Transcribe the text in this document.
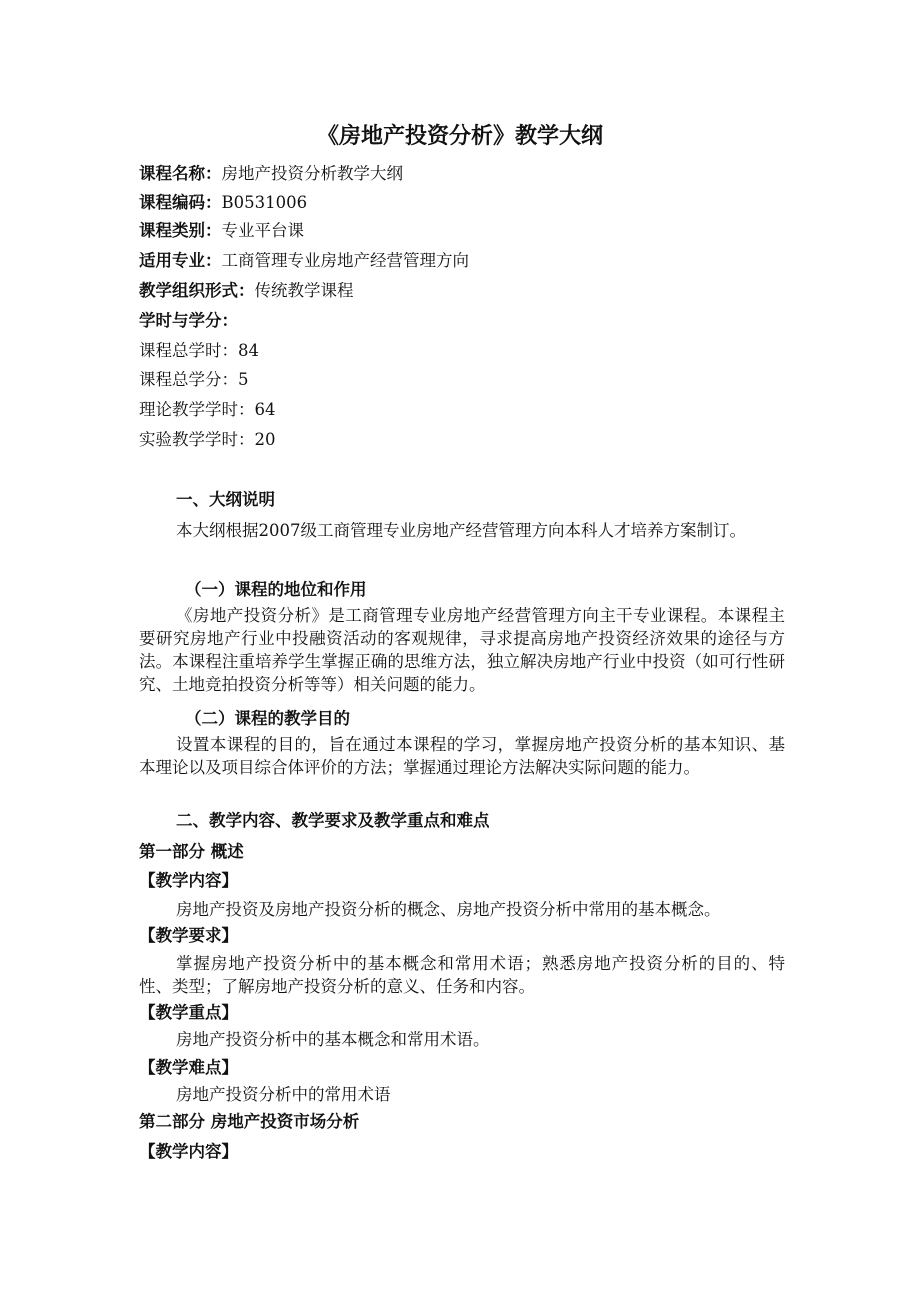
《房地产投资分析》教学大纲
课程名称：房地产投资分析教学大纲
课程编码：B0531006
课程类别：专业平台课
适用专业：工商管理专业房地产经营管理方向
教学组织形式：传统教学课程
学时与学分：
课程总学时：84
课程总学分：5
理论教学学时：64
实验教学学时：20
一、大纲说明
本大纲根据2007级工商管理专业房地产经营管理方向本科人才培养方案制订。
（一）课程的地位和作用
《房地产投资分析》是工商管理专业房地产经营管理方向主干专业课程。本课程主要研究房地产行业中投融资活动的客观规律，寻求提高房地产投资经济效果的途径与方法。本课程注重培养学生掌握正确的思维方法，独立解决房地产行业中投资（如可行性研究、土地竞拍投资分析等等）相关问题的能力。
（二）课程的教学目的
设置本课程的目的，旨在通过本课程的学习，掌握房地产投资分析的基本知识、基本理论以及项目综合体评价的方法；掌握通过理论方法解决实际问题的能力。
二、教学内容、教学要求及教学重点和难点
第一部分 概述
【教学内容】
房地产投资及房地产投资分析的概念、房地产投资分析中常用的基本概念。
【教学要求】
掌握房地产投资分析中的基本概念和常用术语；熟悉房地产投资分析的目的、特性、类型；了解房地产投资分析的意义、任务和内容。
【教学重点】
房地产投资分析中的基本概念和常用术语。
【教学难点】
房地产投资分析中的常用术语
第二部分 房地产投资市场分析
【教学内容】
